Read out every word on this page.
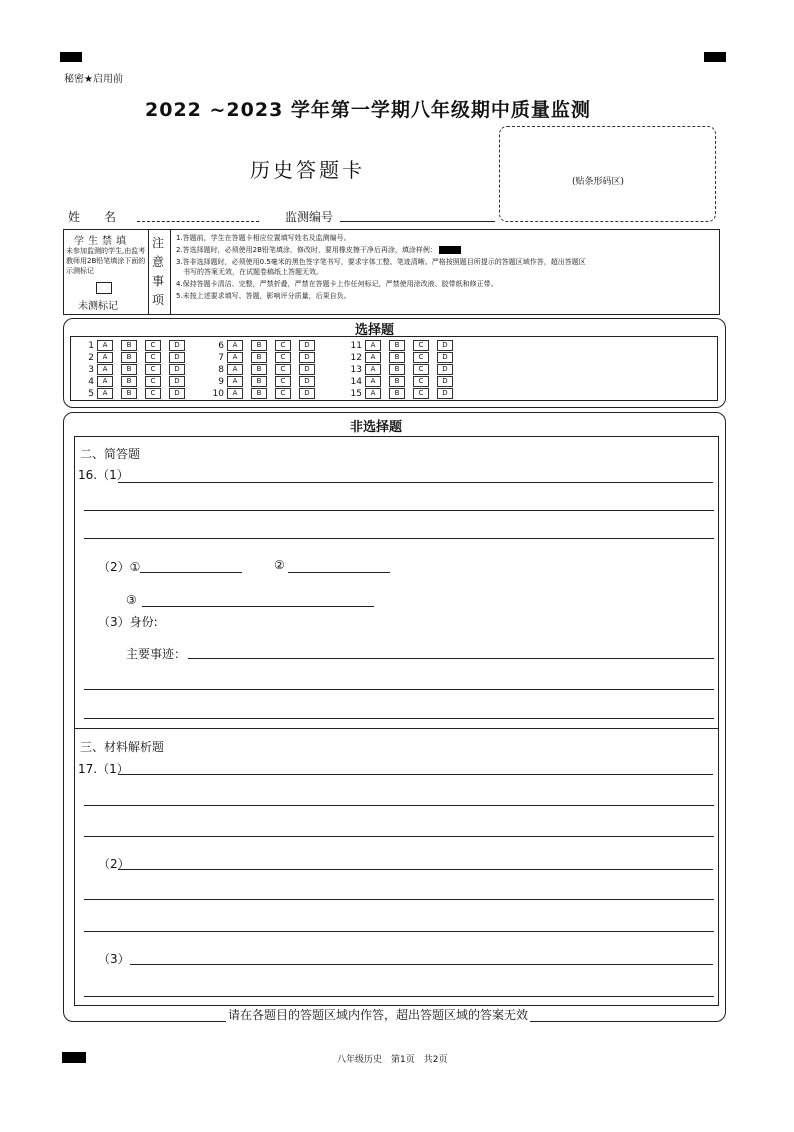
秘密★启用前
2022 ~2023 学年第一学期八年级期中质量监测
历史答题卡	(贴条形码区)
姓　　名	监测编号
学生禁填
未参加监测的学生,由监考教师用2B铅笔填涂下面的示测标记
未测标记
注
意
事
项
1.答题前，学生在答题卡相应位置填写姓名及监测编号。
2.答选择题时，必须使用2B铅笔填涂，修改时，要用橡皮擦干净后再涂，填涂样例：
3.答非选择题时，必须使用0.5毫米的黑色签字笔书写，要求字体工整、笔迹清晰。严格按照题目所提示的答题区域作答，超出答题区
　书写的答案无效，在试题卷稿纸上答题无效。
4.保持答题卡清洁、完整，严禁折叠，严禁在答题卡上作任何标记，严禁使用涂改液、胶带纸和修正带。
5.未按上述要求填写、答题，影响评分质量，后果自负。
选择题
1 A	B	C	D
2 A	B	C	D
3 A	B	C	D
4 A	B	C	D
5 A	B	C	D
6 A	B	C	D
7 A	B	C	D
8 A	B	C	D
9 A	B	C	D
10 A	B	C	D
11 A	B	C	D
12 A	B	C	D
13 A	B	C	D
14 A	B	C	D
15 A	B	C	D
非选择题
二、简答题
16.（1）
（2）①	②
③
（3）身份:
主要事迹：
三、材料解析题
17.（1）
（2）
（3）
请在各题目的答题区域内作答，超出答题区域的答案无效
八年级历史　第1页　共2页
